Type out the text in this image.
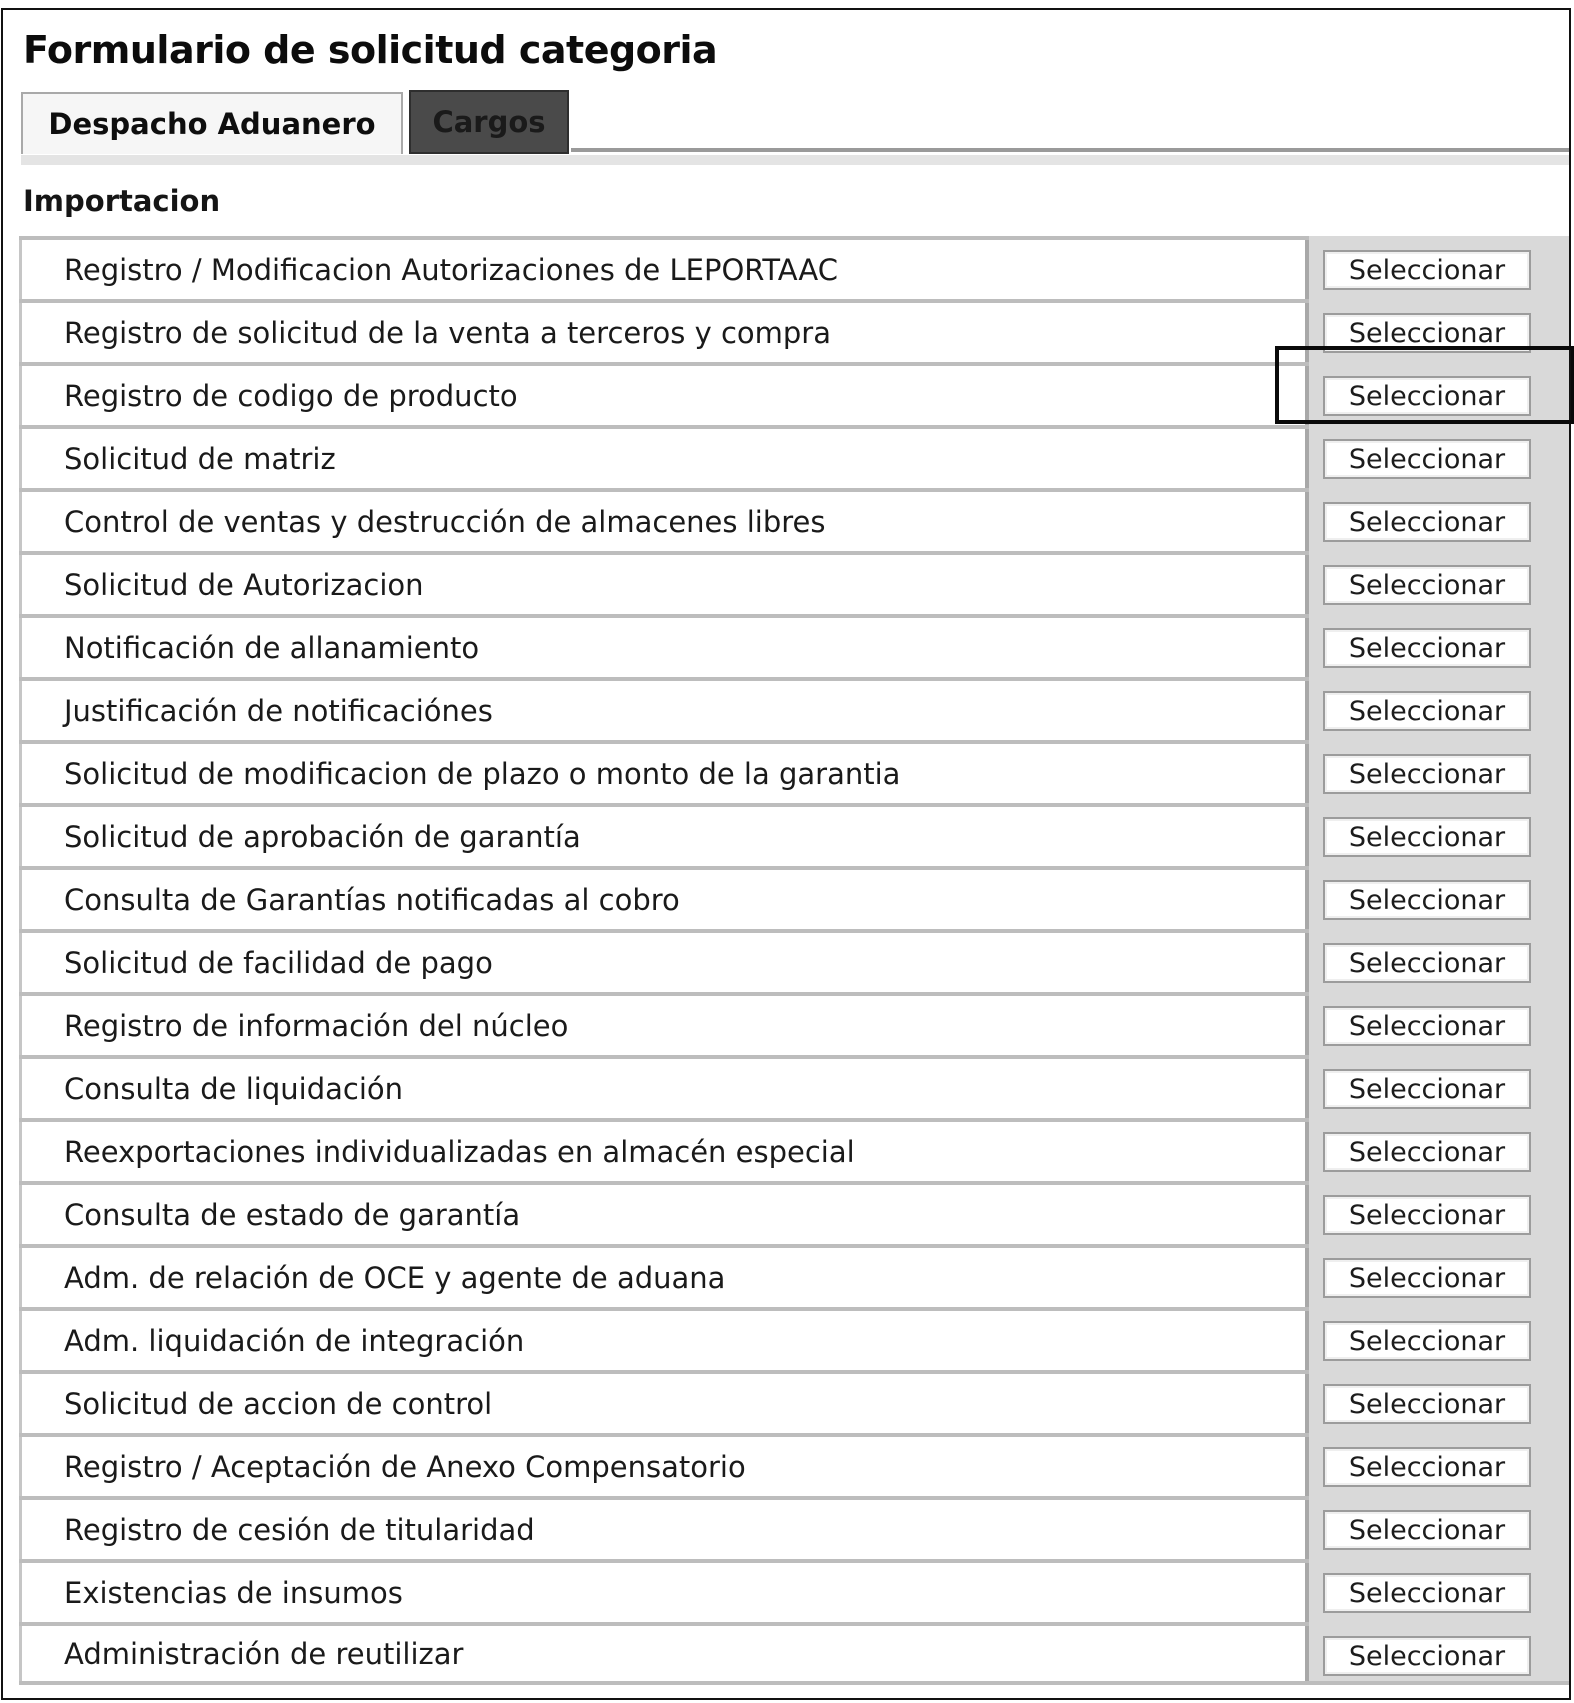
Formulario de solicitud categoria
Despacho Aduanero	Cargos
Importacion
Registro / Modificacion Autorizaciones de LEPORTAAC	Seleccionar
Registro de solicitud de la venta a terceros y compra	Seleccionar
Registro de codigo de producto	Seleccionar
Solicitud de matriz	Seleccionar
Control de ventas y destrucción de almacenes libres	Seleccionar
Solicitud de Autorizacion	Seleccionar
Notificación de allanamiento	Seleccionar
Justificación de notificaciónes	Seleccionar
Solicitud de modificacion de plazo o monto de la garantia	Seleccionar
Solicitud de aprobación de garantía	Seleccionar
Consulta de Garantías notificadas al cobro	Seleccionar
Solicitud de facilidad de pago	Seleccionar
Registro de información del núcleo	Seleccionar
Consulta de liquidación	Seleccionar
Reexportaciones individualizadas en almacén especial	Seleccionar
Consulta de estado de garantía	Seleccionar
Adm. de relación de OCE y agente de aduana	Seleccionar
Adm. liquidación de integración	Seleccionar
Solicitud de accion de control	Seleccionar
Registro / Aceptación de Anexo Compensatorio	Seleccionar
Registro de cesión de titularidad	Seleccionar
Existencias de insumos	Seleccionar
Administración de reutilizar	Seleccionar
